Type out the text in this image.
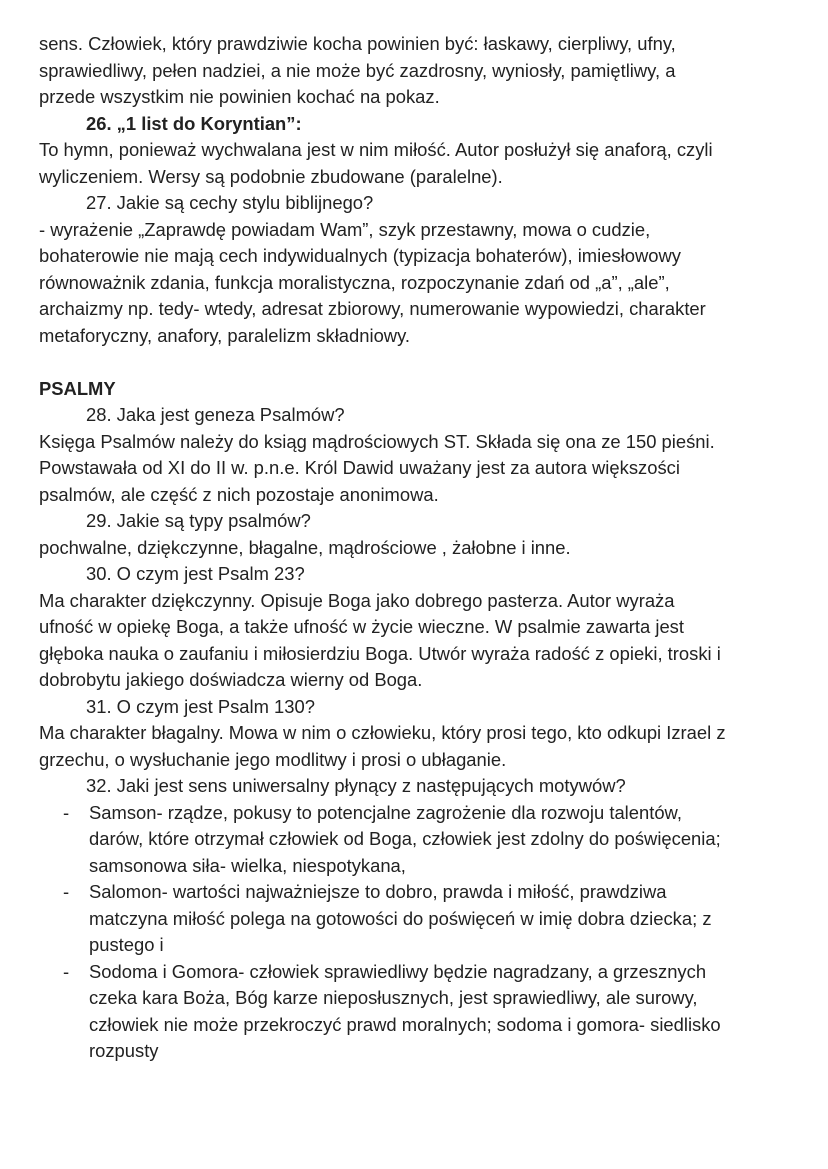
sens. Człowiek, który prawdziwie kocha powinien być: łaskawy, cierpliwy, ufny,

sprawiedliwy, pełen nadziei, a nie może być zazdrosny, wyniosły, pamiętliwy, a

przede wszystkim nie powinien kochać na pokaz.

26. „1 list do Koryntian”:

To hymn, ponieważ wychwalana jest w nim miłość. Autor posłużył się anaforą, czyli

wyliczeniem. Wersy są podobnie zbudowane (paralelne).

27. Jakie są cechy stylu biblijnego?

- wyrażenie „Zaprawdę powiadam Wam”, szyk przestawny, mowa o cudzie,

bohaterowie nie mają cech indywidualnych (typizacja bohaterów), imiesłowowy

równoważnik zdania, funkcja moralistyczna, rozpoczynanie zdań od „a”, „ale”,

archaizmy np. tedy- wtedy, adresat zbiorowy, numerowanie wypowiedzi, charakter

metaforyczny, anafory, paralelizm składniowy.

PSALMY

28. Jaka jest geneza Psalmów?

Księga Psalmów należy do ksiąg mądrościowych ST. Składa się ona ze 150 pieśni.

Powstawała od XI do II w. p.n.e. Król Dawid uważany jest za autora większości

psalmów, ale część z nich pozostaje anonimowa.

29. Jakie są typy psalmów?

pochwalne, dziękczynne, błagalne, mądrościowe , żałobne i inne.

30. O czym jest Psalm 23?

Ma charakter dziękczynny. Opisuje Boga jako dobrego pasterza. Autor wyraża

ufność w opiekę Boga, a także ufność w życie wieczne. W psalmie zawarta jest

głęboka nauka o zaufaniu i miłosierdziu Boga. Utwór wyraża radość z opieki, troski i

dobrobytu jakiego doświadcza wierny od Boga.

31. O czym jest Psalm 130?

Ma charakter błagalny. Mowa w nim o człowieku, który prosi tego, kto odkupi Izrael z

grzechu, o wysłuchanie jego modlitwy i prosi o ubłaganie.

32. Jaki jest sens uniwersalny płynący z następujących motywów?

- Samson- rządze, pokusy to potencjalne zagrożenie dla rozwoju talentów,

darów, które otrzymał człowiek od Boga, człowiek jest zdolny do poświęcenia;

samsonowa siła- wielka, niespotykana,

- Salomon- wartości najważniejsze to dobro, prawda i miłość, prawdziwa

matczyna miłość polega na gotowości do poświęceń w imię dobra dziecka; z

pustego i

- Sodoma i Gomora- człowiek sprawiedliwy będzie nagradzany, a grzesznych

czeka kara Boża, Bóg karze nieposłusznych, jest sprawiedliwy, ale surowy,

człowiek nie może przekroczyć prawd moralnych; sodoma i gomora- siedlisko

rozpusty
